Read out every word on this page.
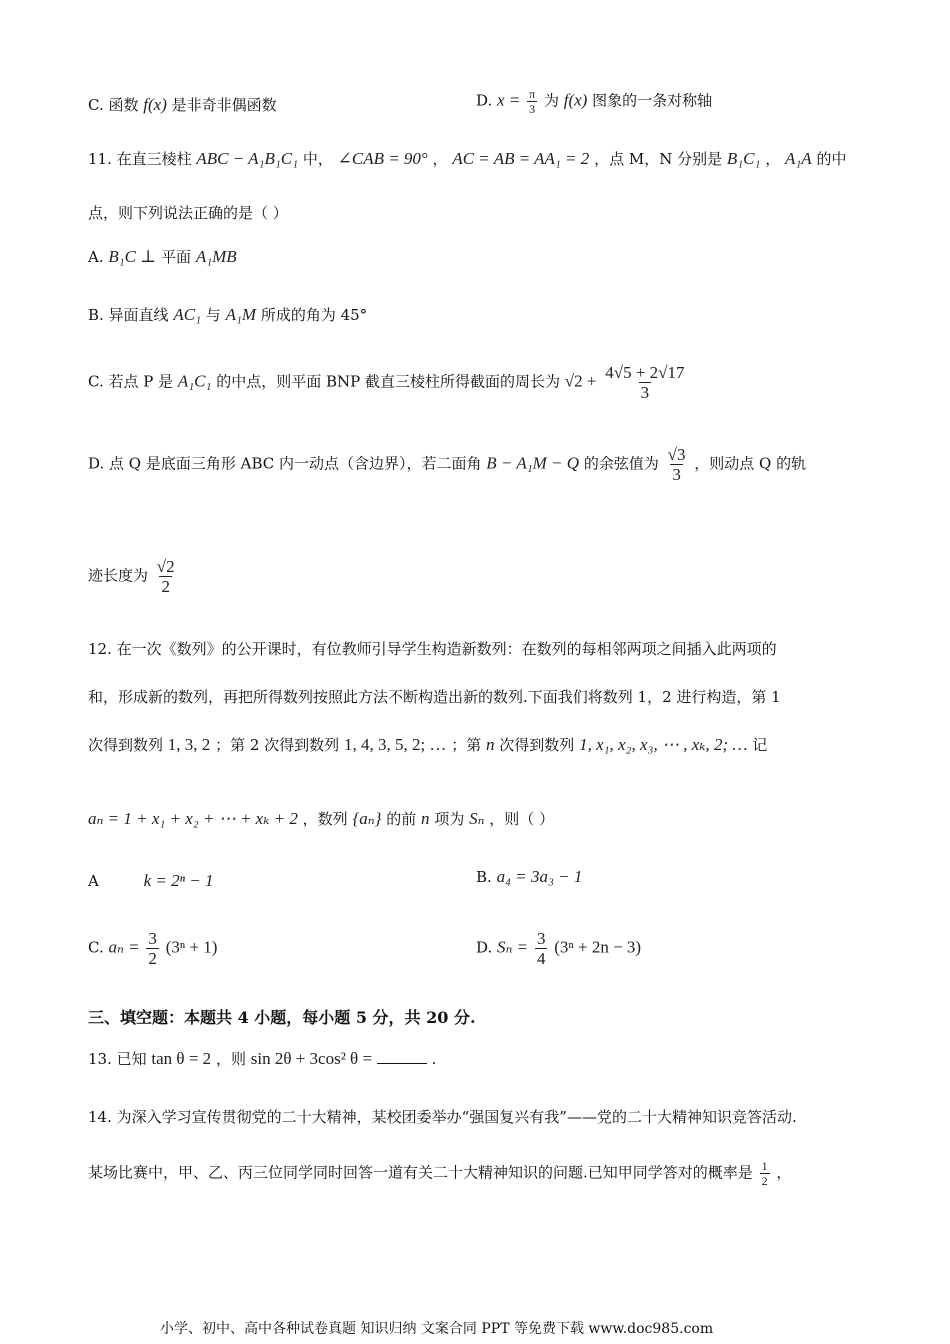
C. 函数 f(x) 是非奇非偶函数	D. $x = \frac{\pi}{3}$ 为 f(x) 图象的一条对称轴
11. 在直三棱柱 ABC − A₁B₁C₁ 中， ∠CAB = 90° ， AC = AB = AA₁ = 2 ，点 M，N 分别是 B₁C₁ ， A₁A 的中
点，则下列说法正确的是（ ）
A. B₁C ⊥ 平面 A₁MB
B. 异面直线 AC₁ 与 A₁M 所成的角为 45°
C. 若点 P 是 A₁C₁ 的中点，则平面 BNP 截直三棱柱所得截面的周长为 $√2 + \frac{4√5 + 2√17}{3}$
D. 点 Q 是底面三角形 ABC 内一动点（含边界），若二面角 B − A₁M − Q 的余弦值为 $\frac{√3}{3}$ ，则动点 Q 的轨
迹长度为 $\frac{√2}{2}$
12. 在一次《数列》的公开课时，有位教师引导学生构造新数列：在数列的每相邻两项之间插入此两项的
和，形成新的数列，再把所得数列按照此方法不断构造出新的数列.下面我们将数列 1，2 进行构造，第 1
次得到数列 1, 3, 2 ；第 2 次得到数列 1, 4, 3, 5, 2; … ；第 n 次得到数列 1, x₁, x₂, x₃, ⋯ , xₖ, 2; … 记
aₙ = 1 + x₁ + x₂ + ⋯ + xₖ + 2 ，数列 {aₙ} 的前 n 项为 Sₙ ，则（ ）
A	k = 2ⁿ − 1	B. a₄ = 3a₃ − 1
C. $a_n = \frac{3}{2} (3^n + 1)$	D. $S_n = \frac{3}{4} (3^n + 2n - 3)$
三、填空题：本题共 4 小题，每小题 5 分，共 20 分.
13. 已知 tan θ = 2 ，则 sin 2θ + 3cos² θ =	.
14. 为深入学习宣传贯彻党的二十大精神，某校团委举办“强国复兴有我”——党的二十大精神知识竞答活动.
某场比赛中，甲、乙、丙三位同学同时回答一道有关二十大精神知识的问题.已知甲同学答对的概率是 $\frac{1}{2}$ ，
小学、初中、高中各种试卷真题 知识归纳 文案合同 PPT 等免费下载 www.doc985.com
